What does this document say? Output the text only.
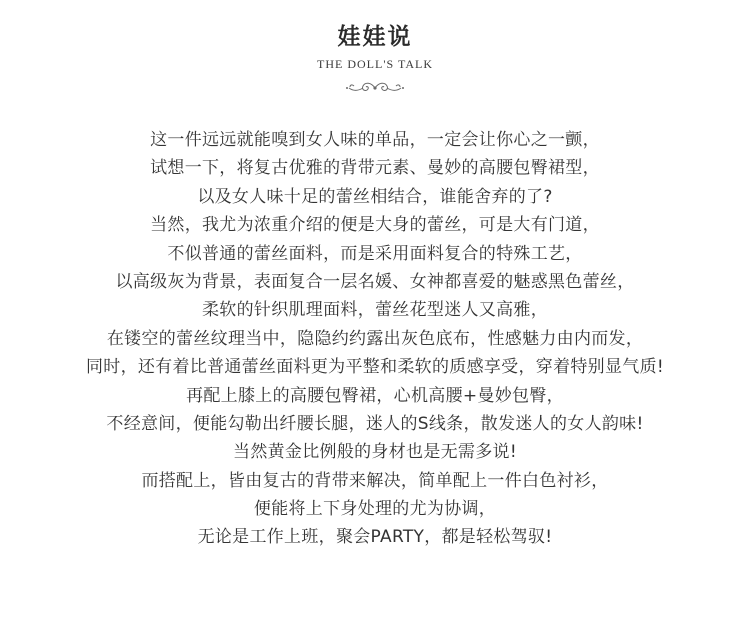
娃娃说
THE DOLL'S TALK
这一件远远就能嗅到女人味的单品，一定会让你心之一颤，
试想一下，将复古优雅的背带元素、曼妙的高腰包臀裙型，
以及女人味十足的蕾丝相结合，谁能舍弃的了?
当然，我尤为浓重介绍的便是大身的蕾丝，可是大有门道，
不似普通的蕾丝面料，而是采用面料复合的特殊工艺，
以高级灰为背景，表面复合一层名媛、女神都喜爱的魅惑黑色蕾丝，
柔软的针织肌理面料，蕾丝花型迷人又高雅，
在镂空的蕾丝纹理当中，隐隐约约露出灰色底布，性感魅力由内而发，
同时，还有着比普通蕾丝面料更为平整和柔软的质感享受，穿着特别显气质!
再配上膝上的高腰包臀裙，心机高腰+曼妙包臀，
不经意间，便能勾勒出纤腰长腿，迷人的S线条，散发迷人的女人韵味!
当然黄金比例般的身材也是无需多说!
而搭配上，皆由复古的背带来解决，简单配上一件白色衬衫，
便能将上下身处理的尤为协调，
无论是工作上班，聚会PARTY，都是轻松驾驭!
